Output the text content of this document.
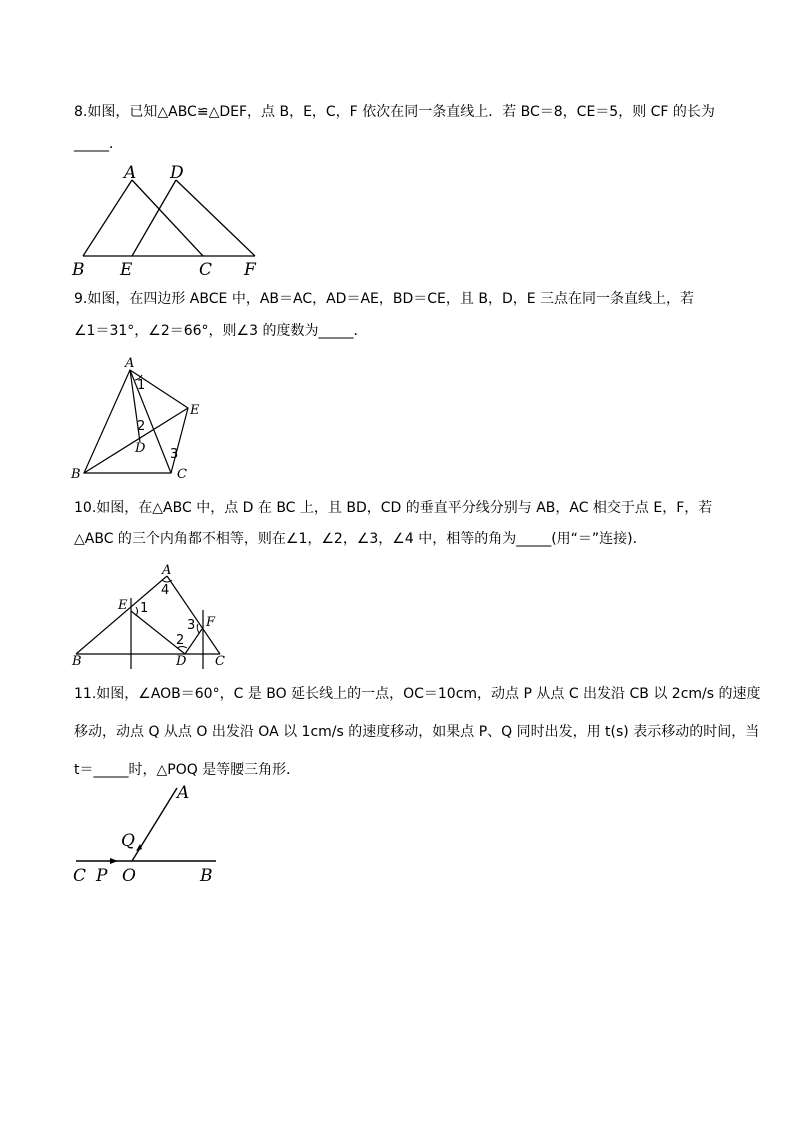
8.如图，已知△ABC≌△DEF，点 B，E，C，F 依次在同一条直线上．若 BC＝8，CE＝5，则 CF 的长为
_____．
A D
B E	C F
9.如图，在四边形 ABCE 中，AB＝AC，AD＝AE，BD＝CE，且 B，D，E 三点在同一条直线上，若
∠1＝31°，∠2＝66°，则∠3 的度数为_____．
A
E
D
B	C
1
2
3
10.如图，在△ABC 中，点 D 在 BC 上，且 BD，CD 的垂直平分线分别与 AB，AC 相交于点 E，F，若
△ABC 的三个内角都不相等，则在∠1，∠2，∠3，∠4 中，相等的角为_____(用“＝”连接)．
A
E
F
B	D C
1
2
3
4
11.如图，∠AOB＝60°，C 是 BO 延长线上的一点，OC＝10cm，动点 P 从点 C 出发沿 CB 以 2cm/s 的速度
移动，动点 Q 从点 O 出发沿 OA 以 1cm/s 的速度移动，如果点 P、Q 同时出发，用 t(s) 表示移动的时间，当
t＝_____时，△POQ 是等腰三角形．
A
Q
C P O	B
